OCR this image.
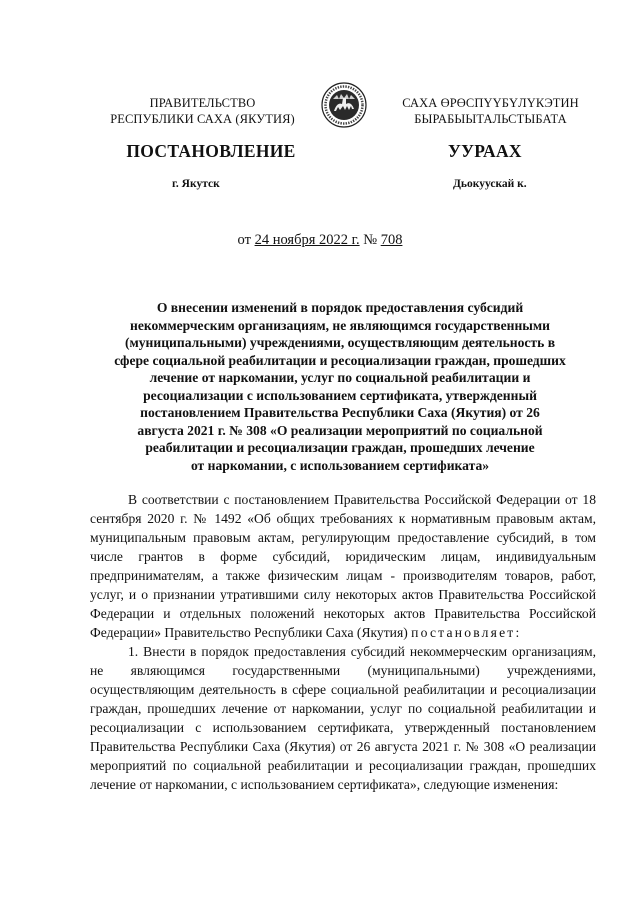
ПРАВИТЕЛЬСТВО
РЕСПУБЛИКИ САХА (ЯКУТИЯ)
САХА ӨРӨСПҮҮБҮЛҮКЭТИН
БЫРАБЫЫТАЛЬСТЫБАТА
ПОСТАНОВЛЕНИЕ	УУРААХ
г. Якутск	Дьокуускай к.
от 24 ноября 2022 г. № 708
О внесении изменений в порядок предоставления субсидий
некоммерческим организациям, не являющимся государственными
(муниципальными) учреждениями, осуществляющим деятельность в
сфере социальной реабилитации и ресоциализации граждан, прошедших
лечение от наркомании, услуг по социальной реабилитации и
ресоциализации с использованием сертификата, утвержденный
постановлением Правительства Республики Саха (Якутия) от 26
августа 2021 г. № 308 «О реализации мероприятий по социальной
реабилитации и ресоциализации граждан, прошедших лечение
от наркомании, с использованием сертификата»

В соответствии с постановлением Правительства Российской Федерации от 18 сентября 2020 г. № 1492 «Об общих требованиях к нормативным правовым актам, муниципальным правовым актам, регулирующим предоставление субсидий, в том числе грантов в форме субсидий, юридическим лицам, индивидуальным предпринимателям, а также физическим лицам - производителям товаров, работ, услуг, и о признании утратившими силу некоторых актов Правительства Российской Федерации и отдельных положений некоторых актов Правительства Российской Федерации» Правительство Республики Саха (Якутия) постановляет:

1. Внести в порядок предоставления субсидий некоммерческим организациям, не являющимся государственными (муниципальными) учреждениями, осуществляющим деятельность в сфере социальной реабилитации и ресоциализации граждан, прошедших лечение от наркомании, услуг по социальной реабилитации и ресоциализации с использованием сертификата, утвержденный постановлением Правительства Республики Саха (Якутия) от 26 августа 2021 г. № 308 «О реализации мероприятий по социальной реабилитации и ресоциализации граждан, прошедших лечение от наркомании, с использованием сертификата», следующие изменения:
